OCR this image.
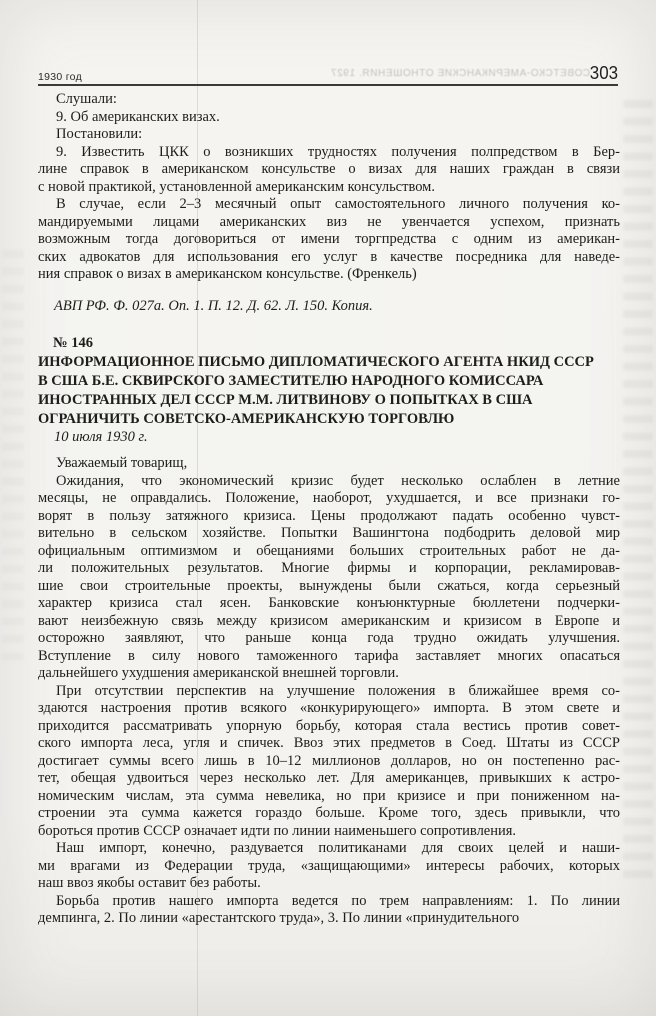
СОВЕТСКО-АМЕРИКАНСКИЕ ОТНОШЕНИЯ. 1927
1930 год	303
Слушали:
9. Об американских визах.
Постановили:
9. Известить ЦКК о возникших трудностях получения полпредством в Бер-
лине справок в американском консульстве о визах для наших граждан в связи
с новой практикой, установленной американским консульством.
В случае, если 2–3 месячный опыт самостоятельного личного получения ко-
мандируемыми лицами американских виз не увенчается успехом, признать
возможным тогда договориться от имени торгпредства с одним из американ-
ских адвокатов для использования его услуг в качестве посредника для наведе-
ния справок о визах в американском консульстве. (Френкель)
АВП РФ. Ф. 027а. Оп. 1. П. 12. Д. 62. Л. 150. Копия.
№ 146
ИНФОРМАЦИОННОЕ ПИСЬМО ДИПЛОМАТИЧЕСКОГО АГЕНТА НКИД СССР
В США Б.Е. СКВИРСКОГО ЗАМЕСТИТЕЛЮ НАРОДНОГО КОМИССАРА
ИНОСТРАННЫХ ДЕЛ СССР М.М. ЛИТВИНОВУ О ПОПЫТКАХ В США
ОГРАНИЧИТЬ СОВЕТСКО-АМЕРИКАНСКУЮ ТОРГОВЛЮ
10 июля 1930 г.
Уважаемый товарищ,
Ожидания, что экономический кризис будет несколько ослаблен в летние
месяцы, не оправдались. Положение, наоборот, ухудшается, и все признаки го-
ворят в пользу затяжного кризиса. Цены продолжают падать особенно чувст-
вительно в сельском хозяйстве. Попытки Вашингтона подбодрить деловой мир
официальным оптимизмом и обещаниями больших строительных работ не да-
ли положительных результатов. Многие фирмы и корпорации, рекламировав-
шие свои строительные проекты, вынуждены были сжаться, когда серьезный
характер кризиса стал ясен. Банковские конъюнктурные бюллетени подчерки-
вают неизбежную связь между кризисом американским и кризисом в Европе и
осторожно заявляют, что раньше конца года трудно ожидать улучшения.
Вступление в силу нового таможенного тарифа заставляет многих опасаться
дальнейшего ухудшения американской внешней торговли.
При отсутствии перспектив на улучшение положения в ближайшее время со-
здаются настроения против всякого «конкурирующего» импорта. В этом свете и
приходится рассматривать упорную борьбу, которая стала вестись против совет-
ского импорта леса, угля и спичек. Ввоз этих предметов в Соед. Штаты из СССР
достигает суммы всего лишь в 10–12 миллионов долларов, но он постепенно рас-
тет, обещая удвоиться через несколько лет. Для американцев, привыкших к астро-
номическим числам, эта сумма невелика, но при кризисе и при пониженном на-
строении эта сумма кажется гораздо больше. Кроме того, здесь привыкли, что
бороться против СССР означает идти по линии наименьшего сопротивления.
Наш импорт, конечно, раздувается политиканами для своих целей и наши-
ми врагами из Федерации труда, «защищающими» интересы рабочих, которых
наш ввоз якобы оставит без работы.
Борьба против нашего импорта ведется по трем направлениям: 1. По линии
демпинга, 2. По линии «арестантского труда», 3. По линии «принудительного
